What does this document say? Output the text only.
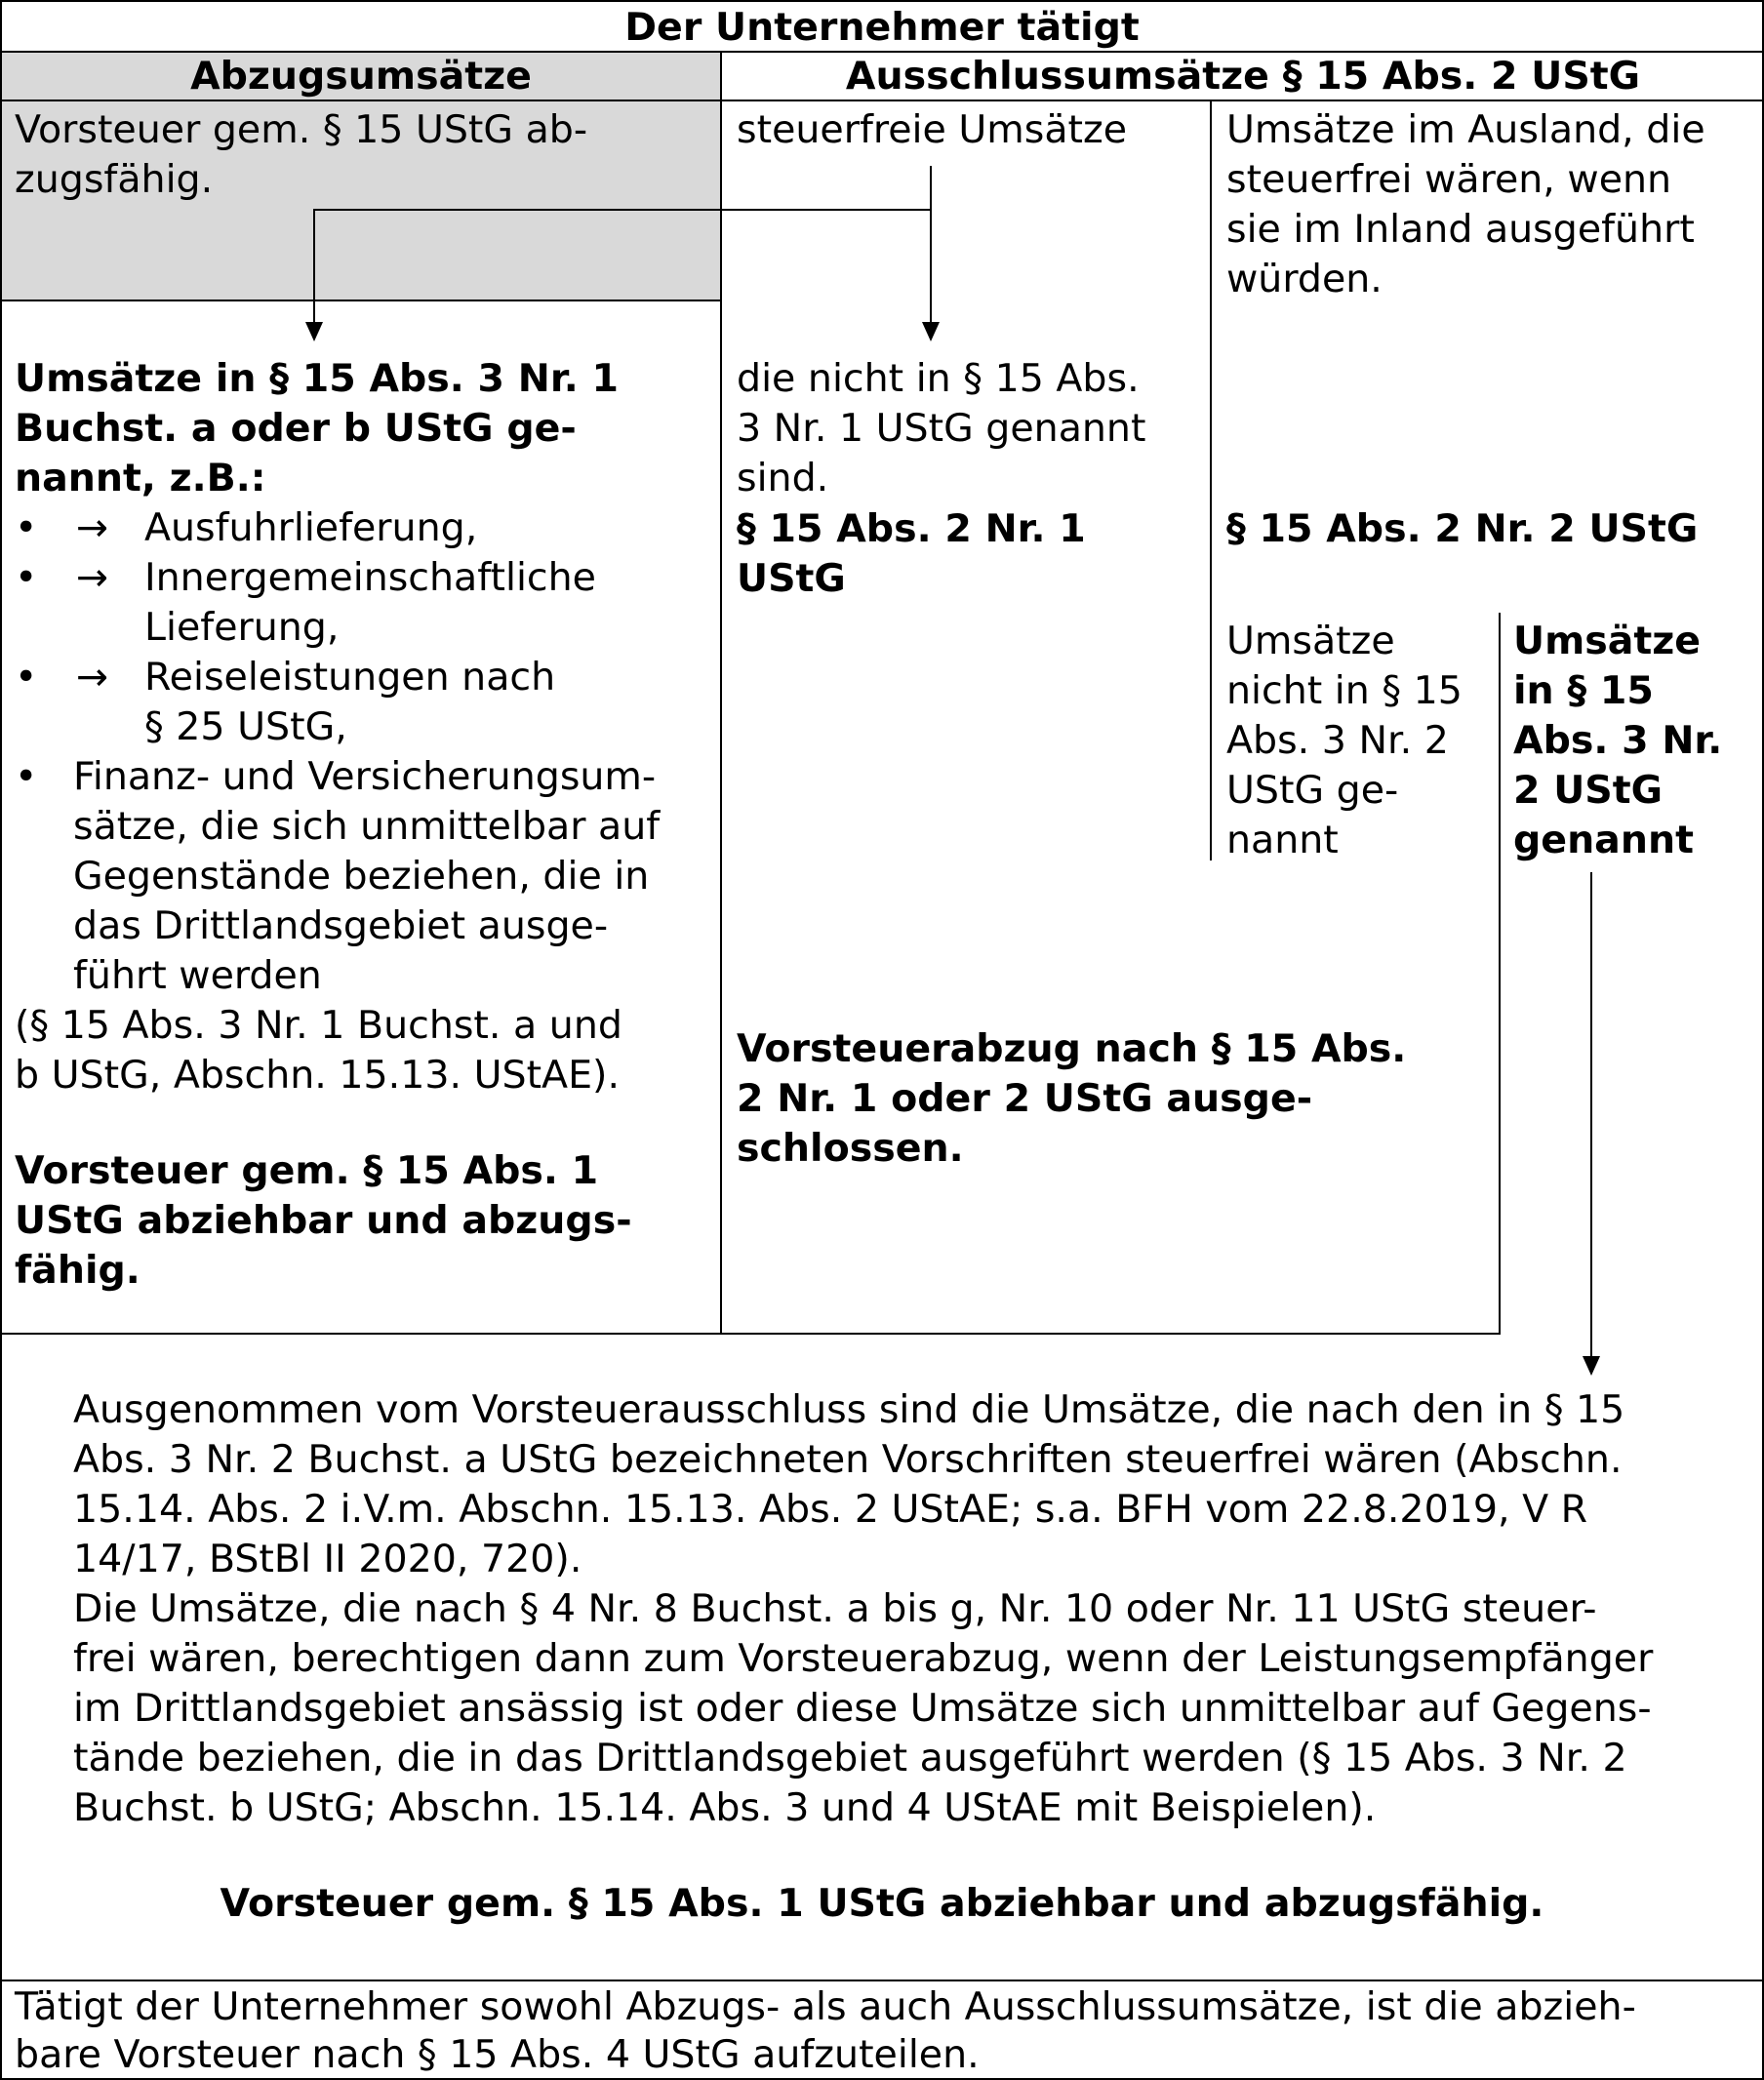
Der Unternehmer tätigt
Abzugsumsätze	Ausschlussumsätze § 15 Abs. 2 UStG
Vorsteuer gem. § 15 UStG ab-
zugsfähig.
Umsätze in § 15 Abs. 3 Nr. 1
Buchst. a oder b UStG ge-
nannt, z.B.:
• → Ausfuhrlieferung,
• → Innergemeinschaftliche
Lieferung,
• → Reiseleistungen nach
§ 25 UStG,
• Finanz- und Versicherungsum-
sätze, die sich unmittelbar auf
Gegenstände beziehen, die in
das Drittlandsgebiet ausge-
führt werden
(§ 15 Abs. 3 Nr. 1 Buchst. a und
b UStG, Abschn. 15.13. UStAE).
Vorsteuer gem. § 15 Abs. 1
UStG abziehbar und abzugs-
fähig.
steuerfreie Umsätze
die nicht in § 15 Abs.
3 Nr. 1 UStG genannt
sind.
§ 15 Abs. 2 Nr. 1
UStG
Vorsteuerabzug nach § 15 Abs.
2 Nr. 1 oder 2 UStG ausge-
schlossen.
Umsätze im Ausland, die
steuerfrei wären, wenn
sie im Inland ausgeführt
würden.
§ 15 Abs. 2 Nr. 2 UStG
Umsätze
nicht in § 15
Abs. 3 Nr. 2
UStG ge-
nannt
Umsätze
in § 15
Abs. 3 Nr.
2 UStG
genannt
Ausgenommen vom Vorsteuerausschluss sind die Umsätze, die nach den in § 15
Abs. 3 Nr. 2 Buchst. a UStG bezeichneten Vorschriften steuerfrei wären (Abschn.
15.14. Abs. 2 i.V.m. Abschn. 15.13. Abs. 2 UStAE; s.a. BFH vom 22.8.2019, V R
14/17, BStBl II 2020, 720).
Die Umsätze, die nach § 4 Nr. 8 Buchst. a bis g, Nr. 10 oder Nr. 11 UStG steuer-
frei wären, berechtigen dann zum Vorsteuerabzug, wenn der Leistungsempfänger
im Drittlandsgebiet ansässig ist oder diese Umsätze sich unmittelbar auf Gegens-
tände beziehen, die in das Drittlandsgebiet ausgeführt werden (§ 15 Abs. 3 Nr. 2
Buchst. b UStG; Abschn. 15.14. Abs. 3 und 4 UStAE mit Beispielen).
Vorsteuer gem. § 15 Abs. 1 UStG abziehbar und abzugsfähig.
Tätigt der Unternehmer sowohl Abzugs- als auch Ausschlussumsätze, ist die abzieh-
bare Vorsteuer nach § 15 Abs. 4 UStG aufzuteilen.
